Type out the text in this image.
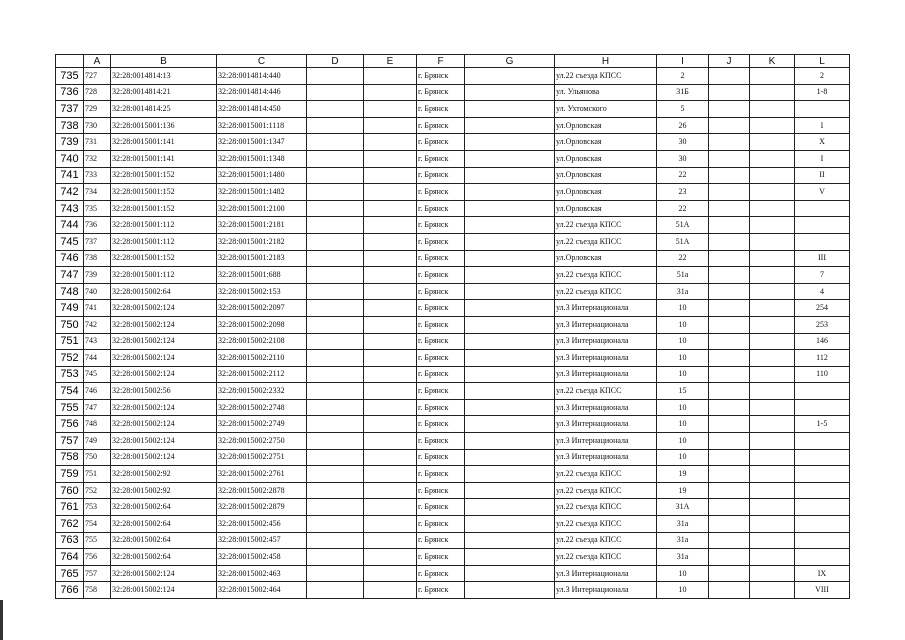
	A	B	C	D	E	F	G	H	I	J	K	L
735	727	32:28:0014814:13	32:28:0014814:440			г. Брянск		ул.22 съезда КПСС	2			2
736	728	32:28:0014814:21	32:28:0014814:446			г. Брянск		ул. Ульянова	31Б			1-8
737	729	32:28:0014814:25	32:28:0014814:450			г. Брянск		ул. Ухтомского	5			
738	730	32:28:0015001:136	32:28:0015001:1118			г. Брянск		ул.Орловская	26			I
739	731	32:28:0015001:141	32:28:0015001:1347			г. Брянск		ул.Орловская	30			X
740	732	32:28:0015001:141	32:28:0015001:1348			г. Брянск		ул.Орловская	30			I
741	733	32:28:0015001:152	32:28:0015001:1480			г. Брянск		ул.Орловская	22			II
742	734	32:28:0015001:152	32:28:0015001:1482			г. Брянск		ул.Орловская	23			V
743	735	32:28:0015001:152	32:28:0015001:2100			г. Брянск		ул.Орловская	22			
744	736	32:28:0015001:112	32:28:0015001:2181			г. Брянск		ул.22 съезда КПСС	51А			
745	737	32:28:0015001:112	32:28:0015001:2182			г. Брянск		ул.22 съезда КПСС	51А			
746	738	32:28:0015001:152	32:28:0015001:2183			г. Брянск		ул.Орловская	22			III
747	739	32:28:0015001:112	32:28:0015001:688			г. Брянск		ул.22 съезда КПСС	51а			7
748	740	32:28:0015002:64	32:28:0015002:153			г. Брянск		ул.22 съезда КПСС	31а			4
749	741	32:28:0015002:124	32:28:0015002:2097			г. Брянск		ул.3 Интернационала	10			254
750	742	32:28:0015002:124	32:28:0015002:2098			г. Брянск		ул.3 Интернационала	10			253
751	743	32:28:0015002:124	32:28:0015002:2108			г. Брянск		ул.3 Интернационала	10			146
752	744	32:28:0015002:124	32:28:0015002:2110			г. Брянск		ул.3 Интернационала	10			112
753	745	32:28:0015002:124	32:28:0015002:2112			г. Брянск		ул.3 Интернационала	10			110
754	746	32:28:0015002:56	32:28:0015002:2332			г. Брянск		ул.22 съезда КПСС	15			
755	747	32:28:0015002:124	32:28:0015002:2748			г. Брянск		ул.3 Интернационала	10			
756	748	32:28:0015002:124	32:28:0015002:2749			г. Брянск		ул.3 Интернационала	10			1-5
757	749	32:28:0015002:124	32:28:0015002:2750			г. Брянск		ул.3 Интернационала	10			
758	750	32:28:0015002:124	32:28:0015002:2751			г. Брянск		ул.3 Интернационала	10			
759	751	32:28:0015002:92	32:28:0015002:2761			г. Брянск		ул.22 съезда КПСС	19			
760	752	32:28:0015002:92	32:28:0015002:2878			г. Брянск		ул.22 съезда КПСС	19			
761	753	32:28:0015002:64	32:28:0015002:2879			г. Брянск		ул.22 съезда КПСС	31А			
762	754	32:28:0015002:64	32:28:0015002:456			г. Брянск		ул.22 съезда КПСС	31а			
763	755	32:28:0015002:64	32:28:0015002:457			г. Брянск		ул.22 съезда КПСС	31а			
764	756	32:28:0015002:64	32:28:0015002:458			г. Брянск		ул.22 съезда КПСС	31а			
765	757	32:28:0015002:124	32:28:0015002:463			г. Брянск		ул.3 Интернационала	10			IX
766	758	32:28:0015002:124	32:28:0015002:464			г. Брянск		ул.3 Интернационала	10			VIII
